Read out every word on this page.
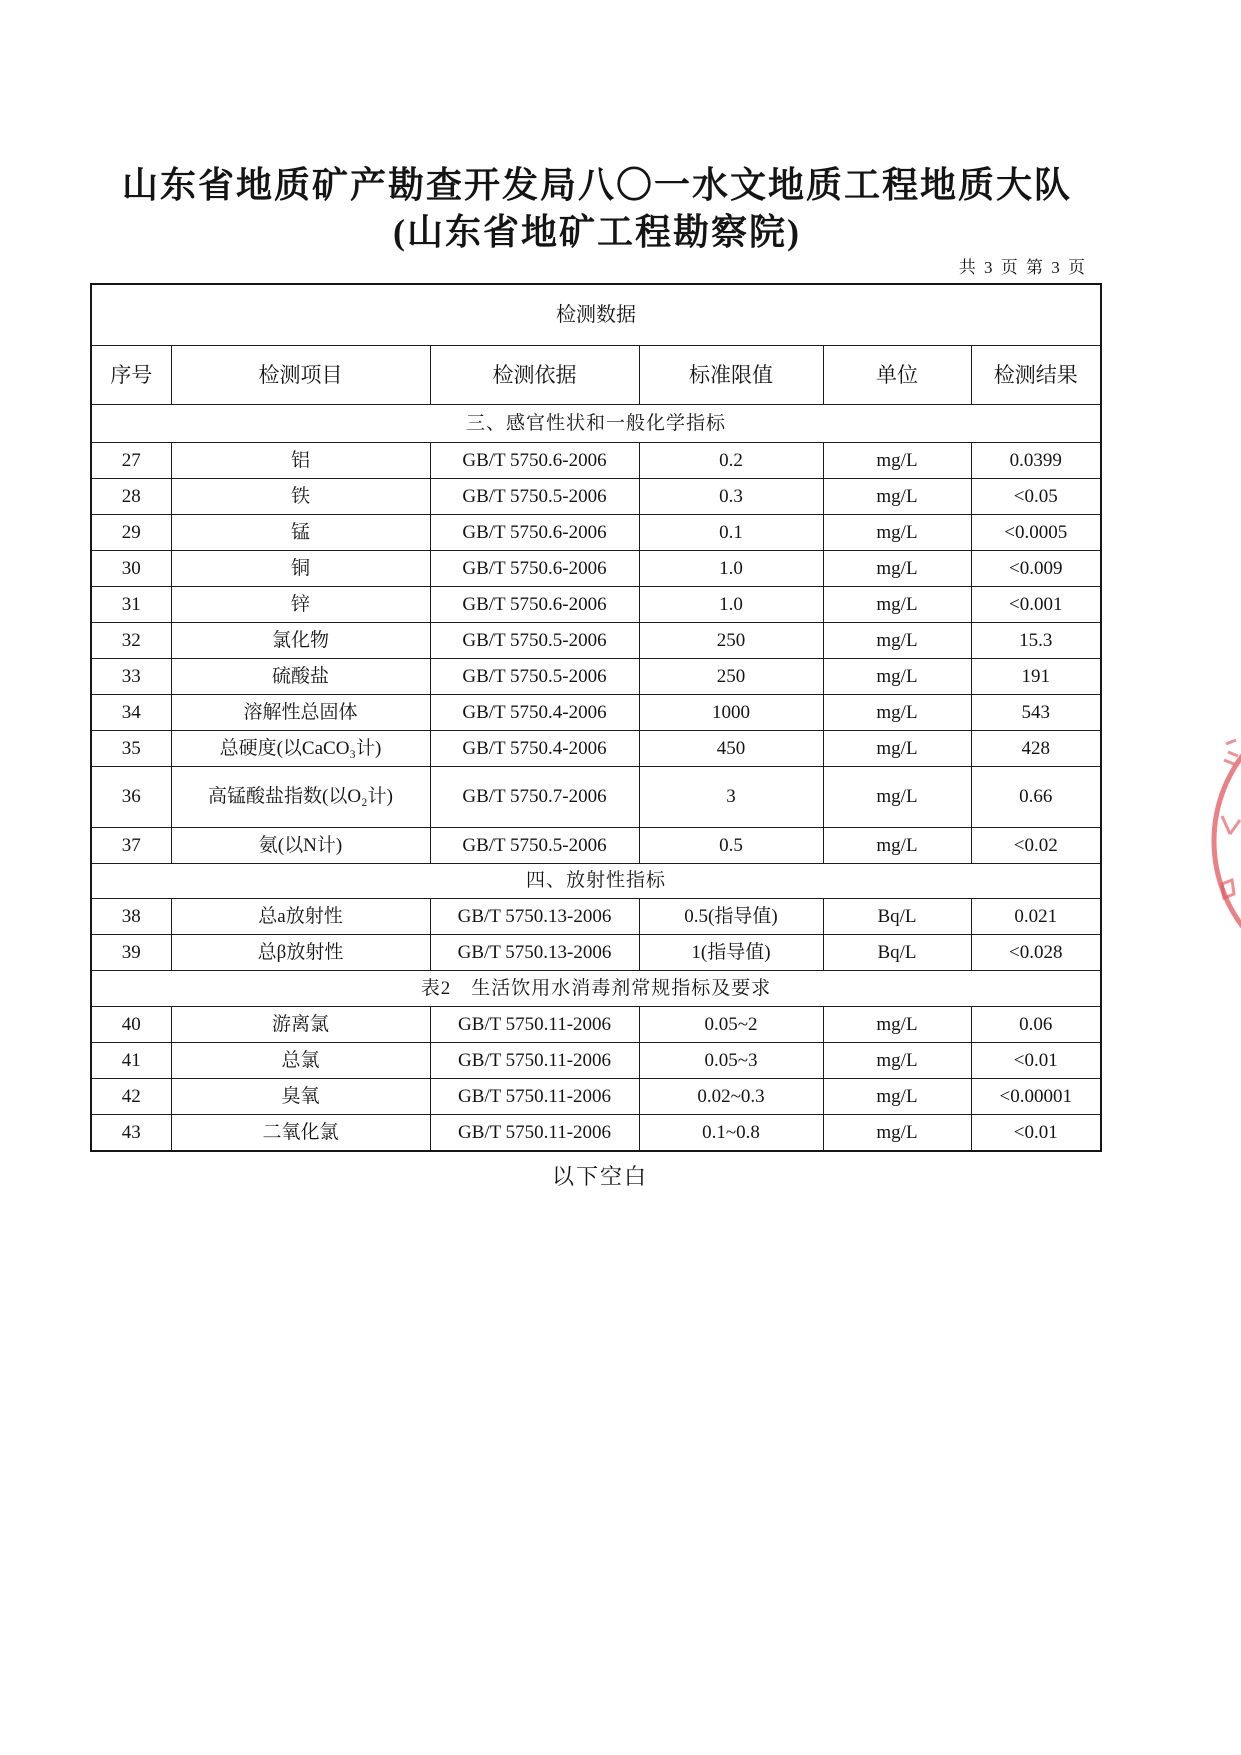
山东省地质矿产勘查开发局八〇一水文地质工程地质大队
(山东省地矿工程勘察院)
共 3 页 第 3 页
检测数据					
序号	检测项目	检测依据	标准限值	单位	检测结果
三、感官性状和一般化学指标					
27	铝	GB/T 5750.6-2006	0.2	mg/L	0.0399
28	铁	GB/T 5750.5-2006	0.3	mg/L	<0.05
29	锰	GB/T 5750.6-2006	0.1	mg/L	<0.0005
30	铜	GB/T 5750.6-2006	1.0	mg/L	<0.009
31	锌	GB/T 5750.6-2006	1.0	mg/L	<0.001
32	氯化物	GB/T 5750.5-2006	250	mg/L	15.3
33	硫酸盐	GB/T 5750.5-2006	250	mg/L	191
34	溶解性总固体	GB/T 5750.4-2006	1000	mg/L	543
35	总硬度(以CaCO₃计)	GB/T 5750.4-2006	450	mg/L	428
36	高锰酸盐指数(以O₂计)	GB/T 5750.7-2006	3	mg/L	0.66
37	氨(以N计)	GB/T 5750.5-2006	0.5	mg/L	<0.02
四、放射性指标					
38	总a放射性	GB/T 5750.13-2006	0.5(指导值)	Bq/L	0.021
39	总β放射性	GB/T 5750.13-2006	1(指导值)	Bq/L	<0.028
表2　生活饮用水消毒剂常规指标及要求					
40	游离氯	GB/T 5750.11-2006	0.05~2	mg/L	0.06
41	总氯	GB/T 5750.11-2006	0.05~3	mg/L	<0.01
42	臭氧	GB/T 5750.11-2006	0.02~0.3	mg/L	<0.00001
43	二氧化氯	GB/T 5750.11-2006	0.1~0.8	mg/L	<0.01
以下空白
